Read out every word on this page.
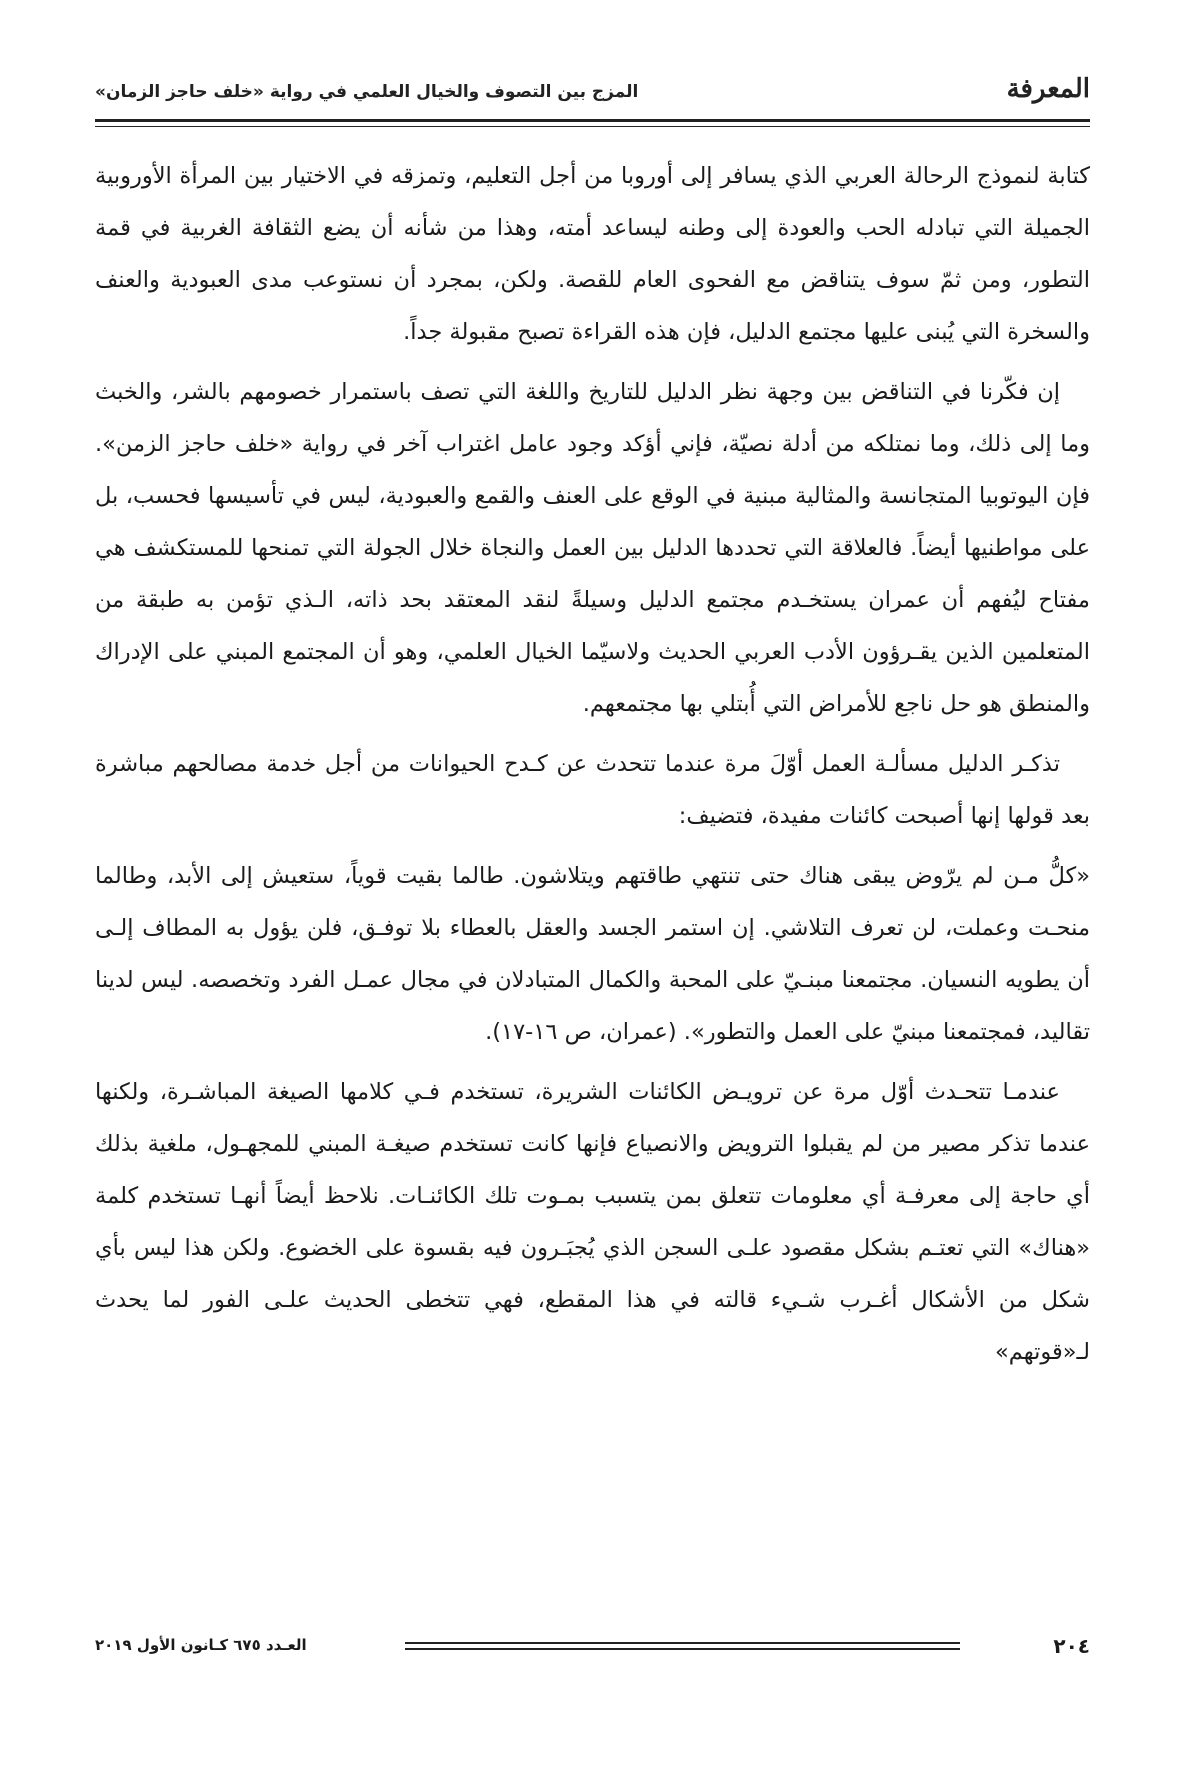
المعرفة
المزج بين التصوف والخيال العلمي في رواية «خلف حاجز الزمان»

كتابة لنموذج الرحالة العربي الذي يسافر إلى أوروبا من أجل التعليم، وتمزقه في الاختيار بين المرأة الأوروبية الجميلة التي تبادله الحب والعودة إلى وطنه ليساعد أمته، وهذا من شأنه أن يضع الثقافة الغربية في قمة التطور، ومن ثمّ سوف يتناقض مع الفحوى العام للقصة. ولكن، بمجرد أن نستوعب مدى العبودية والعنف والسخرة التي يُبنى عليها مجتمع الدليل، فإن هذه القراءة تصبح مقبولة جداً.

إن فكّرنا في التناقض بين وجهة نظر الدليل للتاريخ واللغة التي تصف باستمرار خصومهم بالشر، والخبث وما إلى ذلك، وما نمتلكه من أدلة نصيّة، فإني أؤكد وجود عامل اغتراب آخر في رواية «خلف حاجز الزمن». فإن اليوتوبيا المتجانسة والمثالية مبنية في الوقع على العنف والقمع والعبودية، ليس في تأسيسها فحسب، بل على مواطنيها أيضاً. فالعلاقة التي تحددها الدليل بين العمل والنجاة خلال الجولة التي تمنحها للمستكشف هي مفتاح ليُفهم أن عمران يستخـدم مجتمع الدليل وسيلةً لنقد المعتقد بحد ذاته، الـذي تؤمن به طبقة من المتعلمين الذين يقـرؤون الأدب العربي الحديث ولاسيّما الخيال العلمي، وهو أن المجتمع المبني على الإدراك والمنطق هو حل ناجع للأمراض التي أُبتلي بها مجتمعهم.

تذكـر الدليل مسألـة العمل أوّلَ مرة عندما تتحدث عن كـدح الحيوانات من أجل خدمة مصالحهم مباشرة بعد قولها إنها أصبحت كائنات مفيدة، فتضيف:

«كلُّ مـن لم يرّوض يبقى هناك حتى تنتهي طاقتهم ويتلاشون. طالما بقيت قوياً، ستعيش إلى الأبد، وطالما منحـت وعملت، لن تعرف التلاشي. إن استمر الجسد والعقل بالعطاء بلا توفـق، فلن يؤول به المطاف إلـى أن يطويه النسيان. مجتمعنا مبنـيّ على المحبة والكمال المتبادلان في مجال عمـل الفرد وتخصصه. ليس لدينا تقاليد، فمجتمعنا مبنيّ على العمل والتطور». (عمران، ص ١٦-١٧).

عندمـا تتحـدث أوّل مرة عن ترويـض الكائنات الشريرة، تستخدم فـي كلامها الصيغة المباشـرة، ولكنها عندما تذكر مصير من لم يقبلوا الترويض والانصياع فإنها كانت تستخدم صيغـة المبني للمجهـول، ملغية بذلك أي حاجة إلى معرفـة أي معلومات تتعلق بمن يتسبب بمـوت تلك الكائنـات. نلاحظ أيضاً أنهـا تستخدم كلمة «هناك» التي تعتـم بشكل مقصود علـى السجن الذي يُجبَـرون فيه بقسوة على الخضوع. ولكن هذا ليس بأي شكل من الأشكال أغـرب شـيء قالته في هذا المقطع، فهي تتخطى الحديث علـى الفور لما يحدث لـ«قوتهم»

٢٠٤
العـدد ٦٧٥ كـانون الأول ٢٠١٩
